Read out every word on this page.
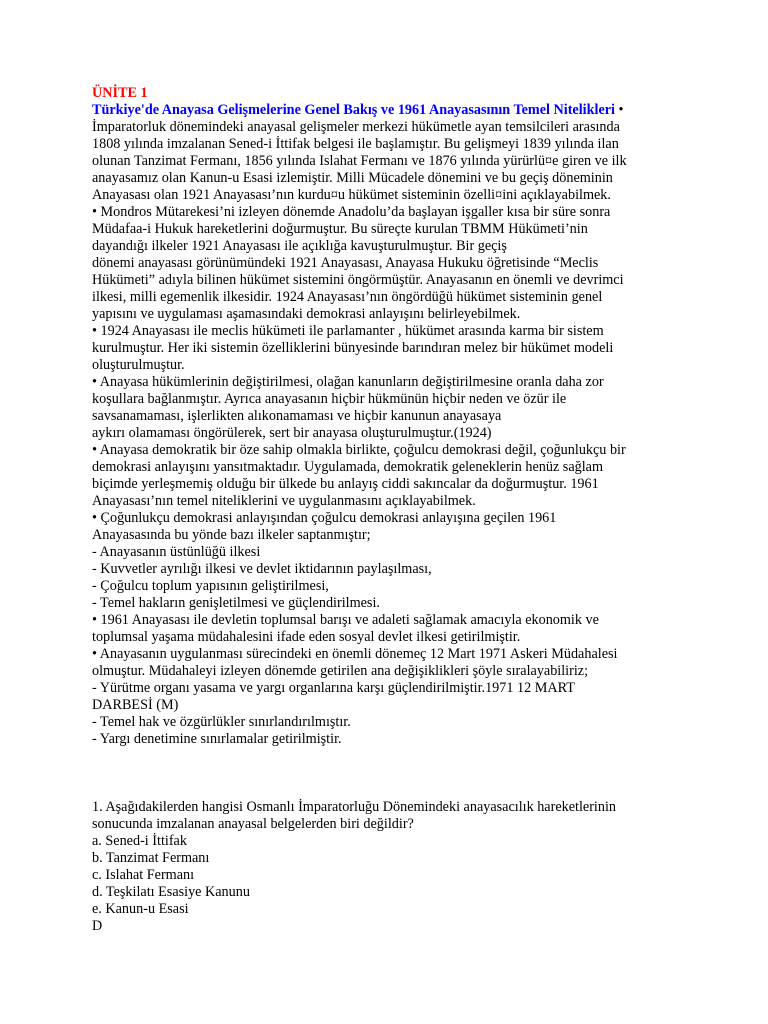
ÜNİTE 1
Türkiye'de Anayasa Gelişmelerine Genel Bakış ve 1961 Anayasasının Temel Nitelikleri •
İmparatorluk dönemindeki anayasal gelişmeler merkezi hükümetle ayan temsilcileri arasında
1808 yılında imzalanan Sened-i İttifak belgesi ile başlamıştır. Bu gelişmeyi 1839 yılında ilan
olunan Tanzimat Fermanı, 1856 yılında Islahat Fermanı ve 1876 yılında yürürlü¤e giren ve ilk
anayasamız olan Kanun-u Esasi izlemiştir. Milli Mücadele dönemini ve bu geçiş döneminin
Anayasası olan 1921 Anayasası’nın kurdu¤u hükümet sisteminin özelli¤ini açıklayabilmek.
• Mondros Mütarekesi’ni izleyen dönemde Anadolu’da başlayan işgaller kısa bir süre sonra
Müdafaa-i Hukuk hareketlerini doğurmuştur. Bu süreçte kurulan TBMM Hükümeti’nin
dayandığı ilkeler 1921 Anayasası ile açıklığa kavuşturulmuştur. Bir geçiş
dönemi anayasası görünümündeki 1921 Anayasası, Anayasa Hukuku öğretisinde “Meclis
Hükümeti” adıyla bilinen hükümet sistemini öngörmüştür. Anayasanın en önemli ve devrimci
ilkesi, milli egemenlik ilkesidir. 1924 Anayasası’nın öngördüğü hükümet sisteminin genel
yapısını ve uygulaması aşamasındaki demokrasi anlayışını belirleyebilmek.
• 1924 Anayasası ile meclis hükümeti ile parlamanter , hükümet arasında karma bir sistem
kurulmuştur. Her iki sistemin özelliklerini bünyesinde barındıran melez bir hükümet modeli
oluşturulmuştur.
• Anayasa hükümlerinin değiştirilmesi, olağan kanunların değiştirilmesine oranla daha zor
koşullara bağlanmıştır. Ayrıca anayasanın hiçbir hükmünün hiçbir neden ve özür ile
savsanamaması, işlerlikten alıkonamaması ve hiçbir kanunun anayasaya
aykırı olamaması öngörülerek, sert bir anayasa oluşturulmuştur.(1924)
• Anayasa demokratik bir öze sahip olmakla birlikte, çoğulcu demokrasi değil, çoğunlukçu bir
demokrasi anlayışını yansıtmaktadır. Uygulamada, demokratik geleneklerin henüz sağlam
biçimde yerleşmemiş olduğu bir ülkede bu anlayış ciddi sakıncalar da doğurmuştur. 1961
Anayasası’nın temel niteliklerini ve uygulanmasını açıklayabilmek.
• Çoğunlukçu demokrasi anlayışından çoğulcu demokrasi anlayışına geçilen 1961
Anayasasında bu yönde bazı ilkeler saptanmıştır;
- Anayasanın üstünlüğü ilkesi
- Kuvvetler ayrılığı ilkesi ve devlet iktidarının paylaşılması,
- Çoğulcu toplum yapısının geliştirilmesi,
- Temel hakların genişletilmesi ve güçlendirilmesi.
• 1961 Anayasası ile devletin toplumsal barışı ve adaleti sağlamak amacıyla ekonomik ve
toplumsal yaşama müdahalesini ifade eden sosyal devlet ilkesi getirilmiştir.
• Anayasanın uygulanması sürecindeki en önemli dönemeç 12 Mart 1971 Askeri Müdahalesi
olmuştur. Müdahaleyi izleyen dönemde getirilen ana değişiklikleri şöyle sıralayabiliriz;
- Yürütme organı yasama ve yargı organlarına karşı güçlendirilmiştir.1971 12 MART
DARBESİ (M)
- Temel hak ve özgürlükler sınırlandırılmıştır.
- Yargı denetimine sınırlamalar getirilmiştir.
1. Aşağıdakilerden hangisi Osmanlı İmparatorluğu Dönemindeki anayasacılık hareketlerinin
sonucunda imzalanan anayasal belgelerden biri değildir?
a. Sened-i İttifak
b. Tanzimat Fermanı
c. Islahat Fermanı
d. Teşkilatı Esasiye Kanunu
e. Kanun-u Esasi
D
